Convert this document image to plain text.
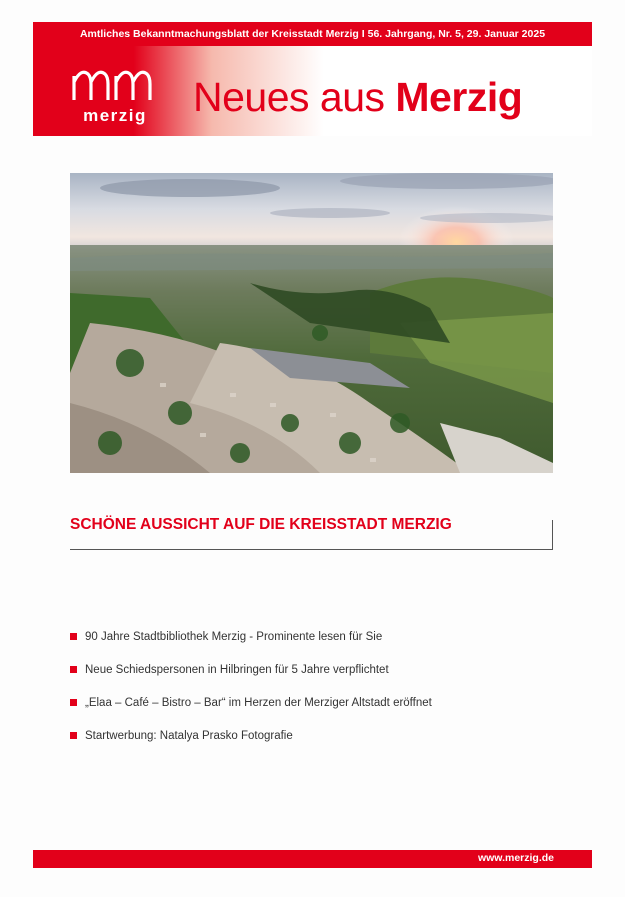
Amtliches Bekanntmachungsblatt der Kreisstadt Merzig I 56. Jahrgang, Nr. 5, 29. Januar 2025
merzig Neues aus Merzig
SCHÖNE AUSSICHT AUF DIE KREISSTADT MERZIG
90 Jahre Stadtbibliothek Merzig - Prominente lesen für Sie
Neue Schiedspersonen in Hilbringen für 5 Jahre verpflichtet
„Elaa – Café – Bistro – Bar“ im Herzen der Merziger Altstadt eröffnet
Startwerbung: Natalya Prasko Fotografie
www.merzig.de
